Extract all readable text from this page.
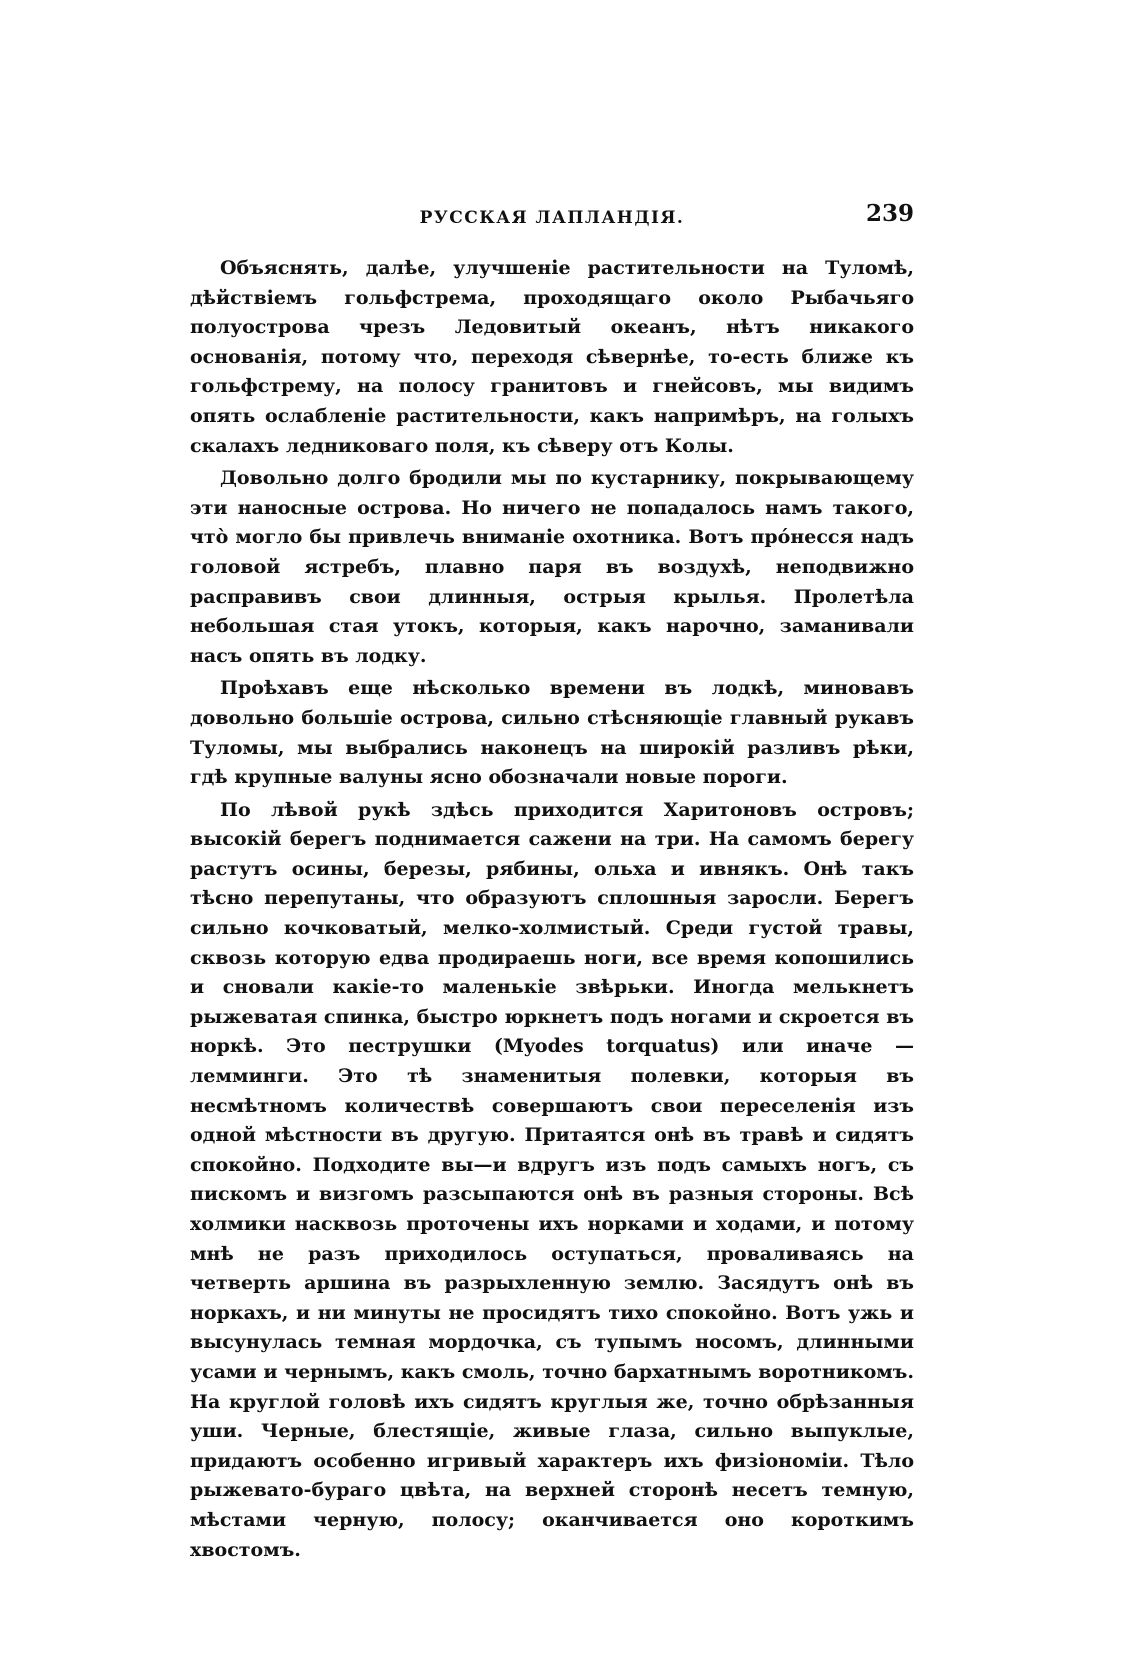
РУССКАЯ ЛАПЛАНДІЯ.	239

Объяснять, далѣе, улучшеніе растительности на Туломѣ, дѣйствіемъ гольфстрема, проходящаго около Рыбачьяго полуострова чрезъ Ледовитый океанъ, нѣтъ никакого основанія, потому что, переходя сѣвернѣе, то-есть ближе къ гольфстрему, на полосу гранитовъ и гнейсовъ, мы видимъ опять ослабленіе растительности, какъ напримѣръ, на голыхъ скалахъ ледниковаго поля, къ сѣверу отъ Колы.

Довольно долго бродили мы по кустарнику, покрывающему эти наносные острова. Но ничего не попадалось намъ такого, чтò могло бы привлечь вниманіе охотника. Вотъ прóнесся надъ головой ястребъ, плавно паря въ воздухѣ, неподвижно расправивъ свои длинныя, острыя крылья. Пролетѣла небольшая стая утокъ, которыя, какъ нарочно, заманивали насъ опять въ лодку.

Проѣхавъ еще нѣсколько времени въ лодкѣ, миновавъ довольно большіе острова, сильно стѣсняющіе главный рукавъ Туломы, мы выбрались наконецъ на широкій разливъ рѣки, гдѣ крупные валуны ясно обозначали новые пороги.

По лѣвой рукѣ здѣсь приходится Харитоновъ островъ; высокій берегъ поднимается сажени на три. На самомъ берегу растутъ осины, березы, рябины, ольха и ивнякъ. Онѣ такъ тѣсно перепутаны, что образуютъ сплошныя заросли. Берегъ сильно кочковатый, мелко-холмистый. Среди густой травы, сквозь которую едва продираешь ноги, все время копошились и сновали какіе-то маленькіе звѣрьки. Иногда мелькнетъ рыжеватая спинка, быстро юркнетъ подъ ногами и скроется въ норкѣ. Это пеструшки (Myodes torquatus) или иначе — лемминги. Это тѣ знаменитыя полевки, которыя въ несмѣтномъ количествѣ совершаютъ свои переселенія изъ одной мѣстности въ другую. Притаятся онѣ въ травѣ и сидятъ спокойно. Подходите вы—и вдругъ изъ подъ самыхъ ногъ, съ пискомъ и визгомъ разсыпаются онѣ въ разныя стороны. Всѣ холмики насквозь проточены ихъ норками и ходами, и потому мнѣ не разъ приходилось оступаться, проваливаясь на четверть аршина въ разрыхленную землю. Засядутъ онѣ въ норкахъ, и ни минуты не просидятъ тихо спокойно. Вотъ ужь и высунулась темная мордочка, съ тупымъ носомъ, длинными усами и чернымъ, какъ смоль, точно бархатнымъ воротникомъ. На круглой головѣ ихъ сидятъ круглыя же, точно обрѣзанныя уши. Черные, блестящіе, живые глаза, сильно выпуклые, придаютъ особенно игривый характеръ ихъ физіономіи. Тѣло рыжевато-бураго цвѣта, на верхней сторонѣ несетъ темную, мѣстами черную, полосу; оканчивается оно короткимъ хвостомъ.
